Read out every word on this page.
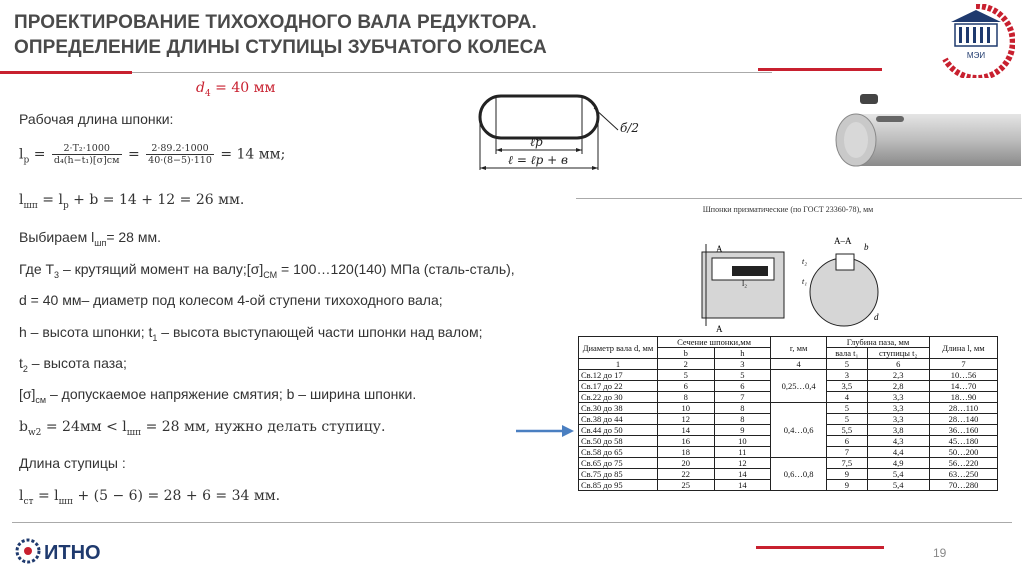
ПРОЕКТИРОВАНИЕ ТИХОХОДНОГО ВАЛА РЕДУКТОРА.
ОПРЕДЕЛЕНИЕ ДЛИНЫ СТУПИЦЫ ЗУБЧАТОГО КОЛЕСА	МЭИ
$d_4 = 40$ мм
Рабочая длина шпонки:
$l_p = \frac{\text{2·T₂·1000}}{\text{d₄(h−t₁)[σ]см}} = \frac{2\cdot 89.2\cdot 1000}{40\cdot(8-5)\cdot 110} = 14$ мм;
$l_{шп} = l_p + b = 14 + 12 = 26$ мм.
Выбираем $l_{шп}= 28$ мм.
Где $T_3$ – крутящий момент на $валу;[\sigma]_{СМ}$ = 100…120(140) МПа (сталь-сталь),
d = 40 мм– диаметр под колесом 4-ой ступени тихоходного вала;
h – высота шпонки; $t_1$ – высота выступающей части шпонки над валом;
$t_2$ – высота паза;
$[\sigma]_{см}$ – допускаемое напряжение смятия; b – ширина шпонки.
$b_{w2} = 24мм < l_{шп} = 28$ мм, нужно делать ступицу.
Длина ступицы :
$l_{ст} = l_{шп} + (5 - 6) = 28 + 6 = 34$ мм.
ℓр
ℓ = ℓр + в
б/2
Шпонки призматические (по ГОСТ 23360-78), мм
A
A
l₂
А–А
b
t₂
t₁
d
Диаметр вала d, мм	Сечение шпонки,мм		r, мм	Глубина паза, мм		Длина l, мм
	b	h		вала t₁	ступицы t₂	
1	2	3	4	5	6	7
Св.12 до 17	5	5	0,25…0,4	3	2,3	10…56
Св.17 до 22	6	6		3,5	2,8	14…70
Св.22 до 30	8	7		4	3,3	18…90
Св.30 до 38	10	8	0,4…0,6	5	3,3	28…110
Св.38 до 44	12	8		5	3,3	28…140
Св.44 до 50	14	9		5,5	3,8	36…160
Св.50 до 58	16	10		6	4,3	45…180
Св.58 до 65	18	11		7	4,4	50…200
Св.65 до 75	20	12	0,6…0,8	7,5	4,9	56…220
Св.75 до 85	22	14		9	5,4	63…250
Св.85 до 95	25	14		9	5,4	70…280
ИТНО	19
